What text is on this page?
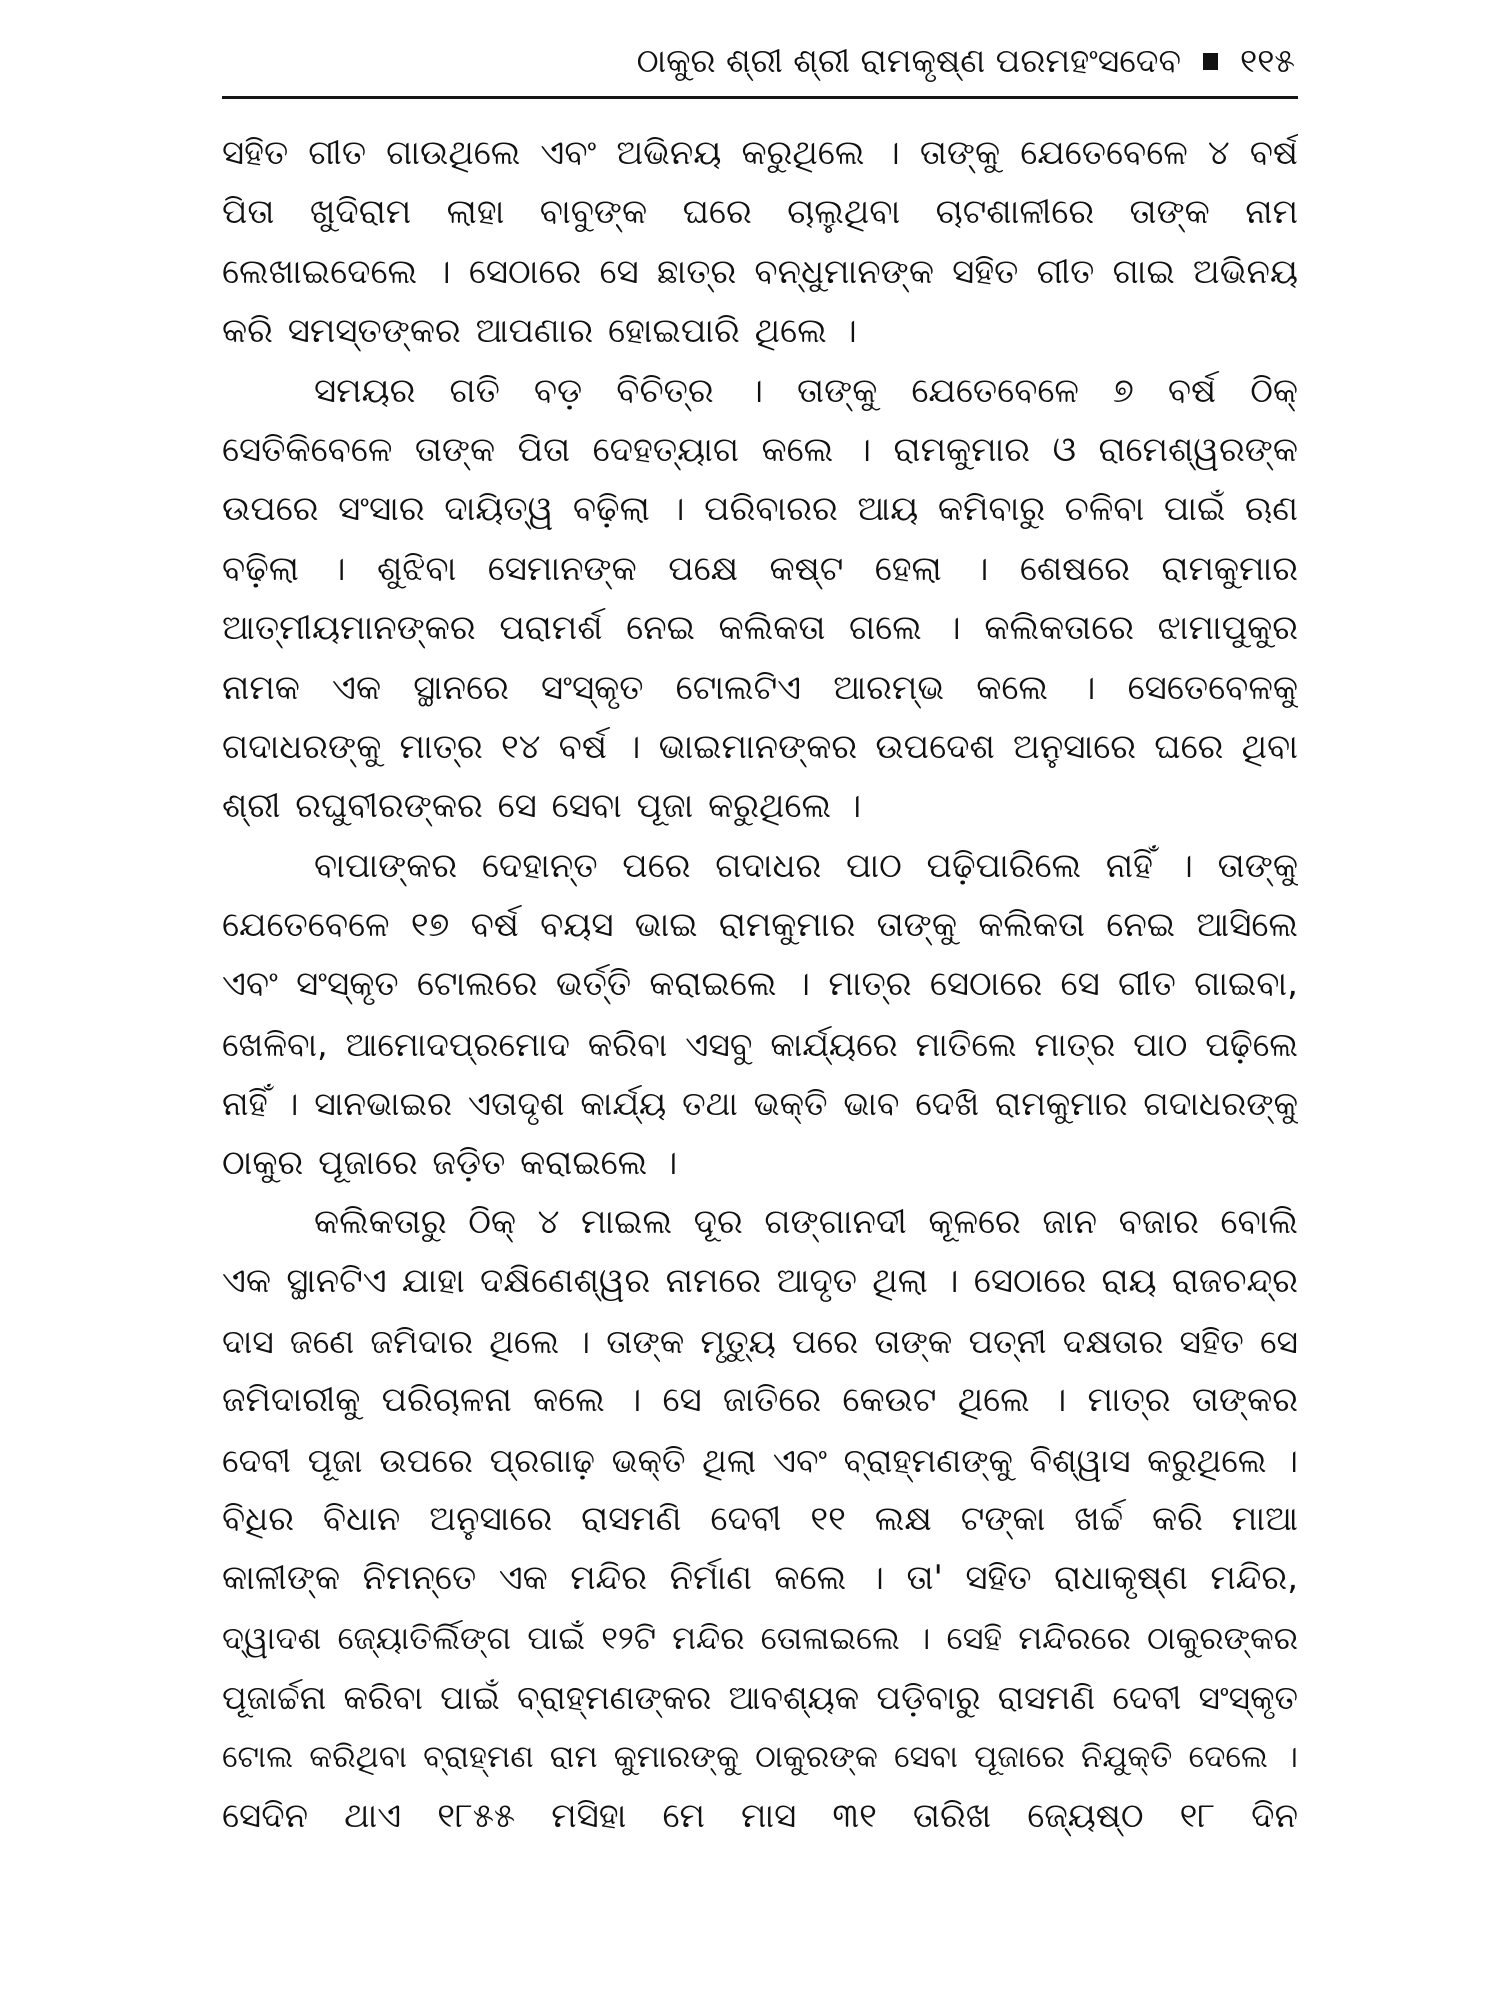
ଠାକୁର ଶ୍ରୀ ଶ୍ରୀ ରାମକୃଷ୍ଣ ପରମହଂସଦେବ ୧୧୫
ସହିତ ଗୀତ ଗାଉଥିଲେ ଏବଂ ଅଭିନୟ କରୁଥିଲେ । ତାଙ୍କୁ ଯେତେବେଳେ ୪ ବର୍ଷ
ପିତା ଖୁଦିରାମ ଲାହା ବାବୁଙ୍କ ଘରେ ଚାଲୁଥିବା ଚାଟଶାଳୀରେ ତାଙ୍କ ନାମ
ଲେଖାଇଦେଲେ । ସେଠାରେ ସେ ଛାତ୍ର ବନ୍ଧୁମାନଙ୍କ ସହିତ ଗୀତ ଗାଇ ଅଭିନୟ
କରି ସମସ୍ତଙ୍କର ଆପଣାର ହୋଇପାରି ଥିଲେ ।
ସମୟର ଗତି ବଡ଼ ବିଚିତ୍ର । ତାଙ୍କୁ ଯେତେବେଳେ ୭ ବର୍ଷ ଠିକ୍
ସେତିକିବେଳେ ତାଙ୍କ ପିତା ଦେହତ୍ୟାଗ କଲେ । ରାମକୁମାର ଓ ରାମେଶ୍ୱରଙ୍କ
ଉପରେ ସଂସାର ଦାୟିତ୍ୱ ବଢ଼ିଲା । ପରିବାରର ଆୟ କମିବାରୁ ଚଳିବା ପାଇଁ ଋଣ
ବଢ଼ିଲା । ଶୁଝିବା ସେମାନଙ୍କ ପକ୍ଷେ କଷ୍ଟ ହେଲା । ଶେଷରେ ରାମକୁମାର
ଆତ୍ମୀୟମାନଙ୍କର ପରାମର୍ଶ ନେଇ କଲିକତା ଗଲେ । କଲିକତାରେ ଝାମାପୁକୁର
ନାମକ ଏକ ସ୍ଥାନରେ ସଂସ୍କୃତ ଟୋଲଟିଏ ଆରମ୍ଭ କଲେ । ସେତେବେଳକୁ
ଗଦାଧରଙ୍କୁ ମାତ୍ର ୧୪ ବର୍ଷ । ଭାଇମାନଙ୍କର ଉପଦେଶ ଅନୁସାରେ ଘରେ ଥିବା
ଶ୍ରୀ ରଘୁବୀରଙ୍କର ସେ ସେବା ପୂଜା କରୁଥିଲେ ।
ବାପାଙ୍କର ଦେହାନ୍ତ ପରେ ଗଦାଧର ପାଠ ପଢ଼ିପାରିଲେ ନାହିଁ । ତାଙ୍କୁ
ଯେତେବେଳେ ୧୭ ବର୍ଷ ବୟସ ଭାଇ ରାମକୁମାର ତାଙ୍କୁ କଲିକତା ନେଇ ଆସିଲେ
ଏବଂ ସଂସ୍କୃତ ଟୋଲରେ ଭର୍ତ୍ତି କରାଇଲେ । ମାତ୍ର ସେଠାରେ ସେ ଗୀତ ଗାଇବା,
ଖେଳିବା, ଆମୋଦପ୍ରମୋଦ କରିବା ଏସବୁ କାର୍ଯ୍ୟରେ ମାତିଲେ ମାତ୍ର ପାଠ ପଢ଼ିଲେ
ନାହିଁ । ସାନଭାଇର ଏତାଦୃଶ କାର୍ଯ୍ୟ ତଥା ଭକ୍ତି ଭାବ ଦେଖି ରାମକୁମାର ଗଦାଧରଙ୍କୁ
ଠାକୁର ପୂଜାରେ ଜଡ଼ିତ କରାଇଲେ ।
କଲିକତାରୁ ଠିକ୍ ୪ ମାଇଲ ଦୂର ଗଙ୍ଗାନଦୀ କୂଳରେ ଜାନ ବଜାର ବୋଲି
ଏକ ସ୍ଥାନଟିଏ ଯାହା ଦକ୍ଷିଣେଶ୍ୱର ନାମରେ ଆଦୃତ ଥିଲା । ସେଠାରେ ରାୟ ରାଜଚନ୍ଦ୍ର
ଦାସ ଜଣେ ଜମିଦାର ଥିଲେ । ତାଙ୍କ ମୃତ୍ୟୁ ପରେ ତାଙ୍କ ପତ୍ନୀ ଦକ୍ଷତାର ସହିତ ସେ
ଜମିଦାରୀକୁ ପରିଚାଳନା କଲେ । ସେ ଜାତିରେ କେଉଟ ଥିଲେ । ମାତ୍ର ତାଙ୍କର
ଦେବୀ ପୂଜା ଉପରେ ପ୍ରଗାଢ଼ ଭକ୍ତି ଥିଲା ଏବଂ ବ୍ରାହ୍ମଣଙ୍କୁ ବିଶ୍ୱାସ କରୁଥିଲେ ।
ବିଧିର ବିଧାନ ଅନୁସାରେ ରାସମଣି ଦେବୀ ୧୧ ଲକ୍ଷ ଟଙ୍କା ଖର୍ଚ୍ଚ କରି ମାଆ
କାଳୀଙ୍କ ନିମନ୍ତେ ଏକ ମନ୍ଦିର ନିର୍ମାଣ କଲେ । ତା' ସହିତ ରାଧାକୃଷ୍ଣ ମନ୍ଦିର,
ଦ୍ୱାଦଶ ଜ୍ୟୋତିର୍ଲିଙ୍ଗ ପାଇଁ ୧୨ଟି ମନ୍ଦିର ତୋଳାଇଲେ । ସେହି ମନ୍ଦିରରେ ଠାକୁରଙ୍କର
ପୂଜାର୍ଚ୍ଚନା କରିବା ପାଇଁ ବ୍ରାହ୍ମଣଙ୍କର ଆବଶ୍ୟକ ପଡ଼ିବାରୁ ରାସମଣି ଦେବୀ ସଂସ୍କୃତ
ଟୋଲ କରିଥିବା ବ୍ରାହ୍ମଣ ରାମ କୁମାରଙ୍କୁ ଠାକୁରଙ୍କ ସେବା ପୂଜାରେ ନିଯୁକ୍ତି ଦେଲେ ।
ସେଦିନ ଥାଏ ୧୮୫୫ ମସିହା ମେ ମାସ ୩୧ ତାରିଖ ଜ୍ୟେଷ୍ଠ ୧୮ ଦିନ
